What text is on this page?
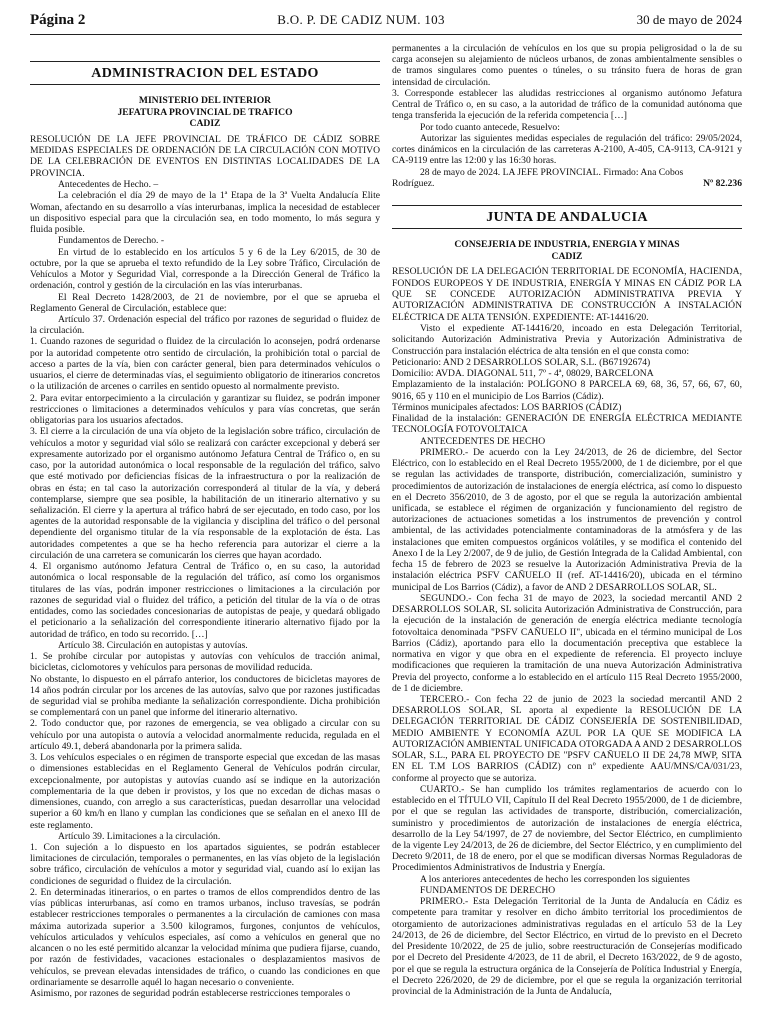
Página 2	B.O. P. DE CADIZ NUM. 103	30 de mayo de 2024
ADMINISTRACION DEL ESTADO
MINISTERIO DEL INTERIOR
JEFATURA PROVINCIAL DE TRAFICO
CADIZ
RESOLUCIÓN DE LA JEFE PROVINCIAL DE TRÁFICO DE CÁDIZ SOBRE MEDIDAS ESPECIALES DE ORDENACIÓN DE LA CIRCULACIÓN CON MOTIVO DE LA CELEBRACIÓN DE EVENTOS EN DISTINTAS LOCALIDADES DE LA PROVINCIA.

Antecedentes de Hecho. –

La celebración el día 29 de mayo de la 1ª Etapa de la 3ª Vuelta Andalucía Elite Woman, afectando en su desarrollo a vías interurbanas, implica la necesidad de establecer un dispositivo especial para que la circulación sea, en todo momento, lo más segura y fluida posible.

Fundamentos de Derecho. -

En virtud de lo establecido en los artículos 5 y 6 de la Ley 6/2015, de 30 de octubre, por la que se aprueba el texto refundido de la Ley sobre Tráfico, Circulación de Vehículos a Motor y Seguridad Vial, corresponde a la Dirección General de Tráfico la ordenación, control y gestión de la circulación en las vías interurbanas.

El Real Decreto 1428/2003, de 21 de noviembre, por el que se aprueba el Reglamento General de Circulación, establece que:

Artículo 37. Ordenación especial del tráfico por razones de seguridad o fluidez de la circulación.

1. Cuando razones de seguridad o fluidez de la circulación lo aconsejen, podrá ordenarse por la autoridad competente otro sentido de circulación, la prohibición total o parcial de acceso a partes de la vía, bien con carácter general, bien para determinados vehículos o usuarios, el cierre de determinadas vías, el seguimiento obligatorio de itinerarios concretos o la utilización de arcenes o carriles en sentido opuesto al normalmente previsto.

2. Para evitar entorpecimiento a la circulación y garantizar su fluidez, se podrán imponer restricciones o limitaciones a determinados vehículos y para vías concretas, que serán obligatorias para los usuarios afectados.

3. El cierre a la circulación de una vía objeto de la legislación sobre tráfico, circulación de vehículos a motor y seguridad vial sólo se realizará con carácter excepcional y deberá ser expresamente autorizado por el organismo autónomo Jefatura Central de Tráfico o, en su caso, por la autoridad autonómica o local responsable de la regulación del tráfico, salvo que esté motivado por deficiencias físicas de la infraestructura o por la realización de obras en ésta; en tal caso la autorización corresponderá al titular de la vía, y deberá contemplarse, siempre que sea posible, la habilitación de un itinerario alternativo y su señalización. El cierre y la apertura al tráfico habrá de ser ejecutado, en todo caso, por los agentes de la autoridad responsable de la vigilancia y disciplina del tráfico o del personal dependiente del organismo titular de la vía responsable de la explotación de ésta. Las autoridades competentes a que se ha hecho referencia para autorizar el cierre a la circulación de una carretera se comunicarán los cierres que hayan acordado.

4. El organismo autónomo Jefatura Central de Tráfico o, en su caso, la autoridad autonómica o local responsable de la regulación del tráfico, así como los organismos titulares de las vías, podrán imponer restricciones o limitaciones a la circulación por razones de seguridad vial o fluidez del tráfico, a petición del titular de la vía o de otras entidades, como las sociedades concesionarias de autopistas de peaje, y quedará obligado el peticionario a la señalización del correspondiente itinerario alternativo fijado por la autoridad de tráfico, en todo su recorrido. […]

Artículo 38. Circulación en autopistas y autovías.

1. Se prohíbe circular por autopistas y autovías con vehículos de tracción animal, bicicletas, ciclomotores y vehículos para personas de movilidad reducida.

No obstante, lo dispuesto en el párrafo anterior, los conductores de bicicletas mayores de 14 años podrán circular por los arcenes de las autovías, salvo que por razones justificadas de seguridad vial se prohíba mediante la señalización correspondiente. Dicha prohibición se complementará con un panel que informe del itinerario alternativo.

2. Todo conductor que, por razones de emergencia, se vea obligado a circular con su vehículo por una autopista o autovía a velocidad anormalmente reducida, regulada en el artículo 49.1, deberá abandonarla por la primera salida.

3. Los vehículos especiales o en régimen de transporte especial que excedan de las masas o dimensiones establecidas en el Reglamento General de Vehículos podrán circular, excepcionalmente, por autopistas y autovías cuando así se indique en la autorización complementaria de la que deben ir provistos, y los que no excedan de dichas masas o dimensiones, cuando, con arreglo a sus características, puedan desarrollar una velocidad superior a 60 km/h en llano y cumplan las condiciones que se señalan en el anexo III de este reglamento.

Artículo 39. Limitaciones a la circulación.

1. Con sujeción a lo dispuesto en los apartados siguientes, se podrán establecer limitaciones de circulación, temporales o permanentes, en las vías objeto de la legislación sobre tráfico, circulación de vehículos a motor y seguridad vial, cuando así lo exijan las condiciones de seguridad o fluidez de la circulación.

2. En determinadas itinerarios, o en partes o tramos de ellos comprendidos dentro de las vías públicas interurbanas, así como en tramos urbanos, incluso travesías, se podrán establecer restricciones temporales o permanentes a la circulación de camiones con masa máxima autorizada superior a 3.500 kilogramos, furgones, conjuntos de vehículos, vehículos articulados y vehículos especiales, así como a vehículos en general que no alcancen o no les esté permitido alcanzar la velocidad mínima que pudiera fijarse, cuando, por razón de festividades, vacaciones estacionales o desplazamientos masivos de vehículos, se prevean elevadas intensidades de tráfico, o cuando las condiciones en que ordinariamente se desarrolle aquél lo hagan necesario o conveniente.

Asimismo, por razones de seguridad podrán establecerse restricciones temporales o

permanentes a la circulación de vehículos en los que su propia peligrosidad o la de su carga aconsejen su alejamiento de núcleos urbanos, de zonas ambientalmente sensibles o de tramos singulares como puentes o túneles, o su tránsito fuera de horas de gran intensidad de circulación.

3. Corresponde establecer las aludidas restricciones al organismo autónomo Jefatura Central de Tráfico o, en su caso, a la autoridad de tráfico de la comunidad autónoma que tenga transferida la ejecución de la referida competencia […]

Por todo cuanto antecede, Resuelvo:

Autorizar las siguientes medidas especiales de regulación del tráfico: 29/05/2024, cortes dinámicos en la circulación de las carreteras A-2100, A-405, CA-9113, CA-9121 y CA-9119 entre las 12:00 y las 16:30 horas.

28 de mayo de 2024. LA JEFE PROVINCIAL. Firmado: Ana Cobos

Rodríguez.	Nº 82.236
JUNTA DE ANDALUCIA
CONSEJERIA DE INDUSTRIA, ENERGIA Y MINAS
CADIZ
RESOLUCIÓN DE LA DELEGACIÓN TERRITORIAL DE ECONOMÍA, HACIENDA, FONDOS EUROPEOS Y DE INDUSTRIA, ENERGÍA Y MINAS EN CÁDIZ POR LA QUE SE CONCEDE AUTORIZACIÓN ADMINISTRATIVA PREVIA Y AUTORIZACIÓN ADMINISTRATIVA DE CONSTRUCCIÓN A INSTALACIÓN ELÉCTRICA DE ALTA TENSIÓN. EXPEDIENTE: AT-14416/20.

Visto el expediente AT-14416/20, incoado en esta Delegación Territorial, solicitando Autorización Administrativa Previa y Autorización Administrativa de Construcción para instalación eléctrica de alta tensión en el que consta como:

Peticionario: AND 2 DESARROLLOS SOLAR, S.L. (B67192674)

Domicilio: AVDA. DIAGONAL 511, 7º - 4ª, 08029, BARCELONA

Emplazamiento de la instalación: POLÍGONO 8 PARCELA 69, 68, 36, 57, 66, 67, 60, 9016, 65 y 110 en el municipio de Los Barrios (Cádiz).

Términos municipales afectados: LOS BARRIOS (CÁDIZ)

Finalidad de la instalación: GENERACIÓN DE ENERGÍA ELÉCTRICA MEDIANTE TECNOLOGÍA FOTOVOLTAICA

ANTECEDENTES DE HECHO

PRIMERO.- De acuerdo con la Ley 24/2013, de 26 de diciembre, del Sector Eléctrico, con lo establecido en el Real Decreto 1955/2000, de 1 de diciembre, por el que se regulan las actividades de transporte, distribución, comercialización, suministro y procedimientos de autorización de instalaciones de energía eléctrica, así como lo dispuesto en el Decreto 356/2010, de 3 de agosto, por el que se regula la autorización ambiental unificada, se establece el régimen de organización y funcionamiento del registro de autorizaciones de actuaciones sometidas a los instrumentos de prevención y control ambiental, de las actividades potencialmente contaminadoras de la atmósfera y de las instalaciones que emiten compuestos orgánicos volátiles, y se modifica el contenido del Anexo I de la Ley 2/2007, de 9 de julio, de Gestión Integrada de la Calidad Ambiental, con fecha 15 de febrero de 2023 se resuelve la Autorización Administrativa Previa de la instalación eléctrica PSFV CAÑUELO II (ref. AT-14416/20), ubicada en el término municipal de Los Barrios (Cádiz), a favor de AND 2 DESARROLLOS SOLAR, SL.

SEGUNDO.- Con fecha 31 de mayo de 2023, la sociedad mercantil AND 2 DESARROLLOS SOLAR, SL solicita Autorización Administrativa de Construcción, para la ejecución de la instalación de generación de energía eléctrica mediante tecnología fotovoltaica denominada "PSFV CAÑUELO II", ubicada en el término municipal de Los Barrios (Cádiz), aportando para ello la documentación preceptiva que establece la normativa en vigor y que obra en el expediente de referencia. El proyecto incluye modificaciones que requieren la tramitación de una nueva Autorización Administrativa Previa del proyecto, conforme a lo establecido en el artículo 115 Real Decreto 1955/2000, de 1 de diciembre.

TERCERO.- Con fecha 22 de junio de 2023 la sociedad mercantil AND 2 DESARROLLOS SOLAR, SL aporta al expediente la RESOLUCIÓN DE LA DELEGACIÓN TERRITORIAL DE CÁDIZ CONSEJERÍA DE SOSTENIBILIDAD, MEDIO AMBIENTE Y ECONOMÍA AZUL POR LA QUE SE MODIFICA LA AUTORIZACIÓN AMBIENTAL UNIFICADA OTORGADA A AND 2 DESARROLLOS SOLAR, S.L., PARA EL PROYECTO DE "PSFV CAÑUELO II DE 24,78 MWP, SITA EN EL T.M LOS BARRIOS (CÁDIZ) con nº expediente AAU/MNS/CA/031/23, conforme al proyecto que se autoriza.

CUARTO.- Se han cumplido los trámites reglamentarios de acuerdo con lo establecido en el TÍTULO VII, Capítulo II del Real Decreto 1955/2000, de 1 de diciembre, por el que se regulan las actividades de transporte, distribución, comercialización, suministro y procedimientos de autorización de instalaciones de energía eléctrica, desarrollo de la Ley 54/1997, de 27 de noviembre, del Sector Eléctrico, en cumplimiento de la vigente Ley 24/2013, de 26 de diciembre, del Sector Eléctrico, y en cumplimiento del Decreto 9/2011, de 18 de enero, por el que se modifican diversas Normas Reguladoras de Procedimientos Administrativos de Industria y Energía.

A los anteriores antecedentes de hecho les corresponden los siguientes

FUNDAMENTOS DE DERECHO

PRIMERO.- Esta Delegación Territorial de la Junta de Andalucía en Cádiz es competente para tramitar y resolver en dicho ámbito territorial los procedimientos de otorgamiento de autorizaciones administrativas reguladas en el artículo 53 de la Ley 24/2013, de 26 de diciembre, del Sector Eléctrico, en virtud de lo previsto en el Decreto del Presidente 10/2022, de 25 de julio, sobre reestructuración de Consejerías modificado por el Decreto del Presidente 4/2023, de 11 de abril, el Decreto 163/2022, de 9 de agosto, por el que se regula la estructura orgánica de la Consejería de Política Industrial y Energía, el Decreto 226/2020, de 29 de diciembre, por el que se regula la organización territorial provincial de la Administración de la Junta de Andalucía,
